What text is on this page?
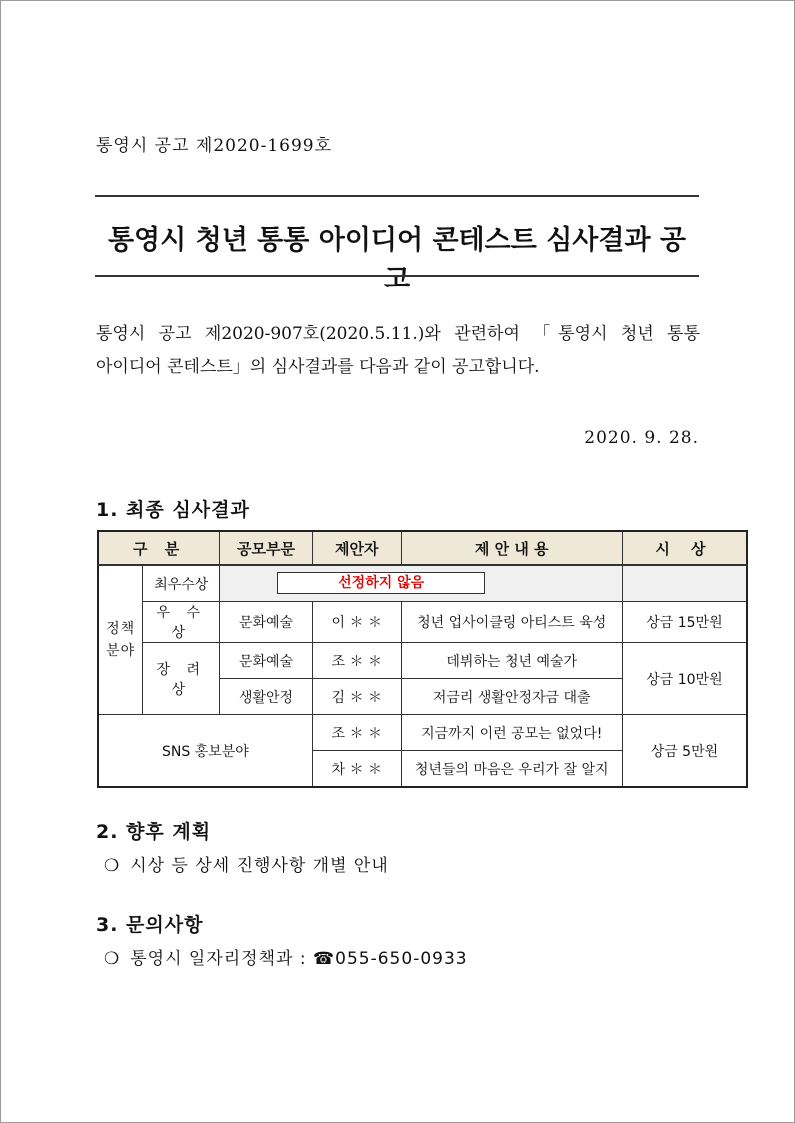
통영시 공고 제2020-1699호
통영시 청년 통통 아이디어 콘테스트 심사결과 공고
통영시 공고 제2020-907호(2020.5.11.)와 관련하여 「통영시 청년 통통
아이디어 콘테스트」의 심사결과를 다음과 같이 공고합니다.
2020. 9. 28.
1. 최종 심사결과
구 분		공모부문	제안자	제 안 내 용	시 상
정책
분야	최우수상	선정하지 않음			

	우 수 상	문화예술	이 ＊ ＊	청년 업사이클링 아티스트 육성	상금 15만원
	장 려 상	문화예술	조 ＊ ＊	데뷔하는 청년 예술가	상금 10만원
		생활안정	김 ＊ ＊	저금리 생활안정자금 대출	
SNS 홍보분야			조 ＊ ＊	지금까지 이런 공모는 없었다!	상금 5만원
			차 ＊ ＊	청년들의 마음은 우리가 잘 알지	
2. 향후 계획
❍ 시상 등 상세 진행사항 개별 안내
3. 문의사항
❍ 통영시 일자리정책과 : ☎055-650-0933
